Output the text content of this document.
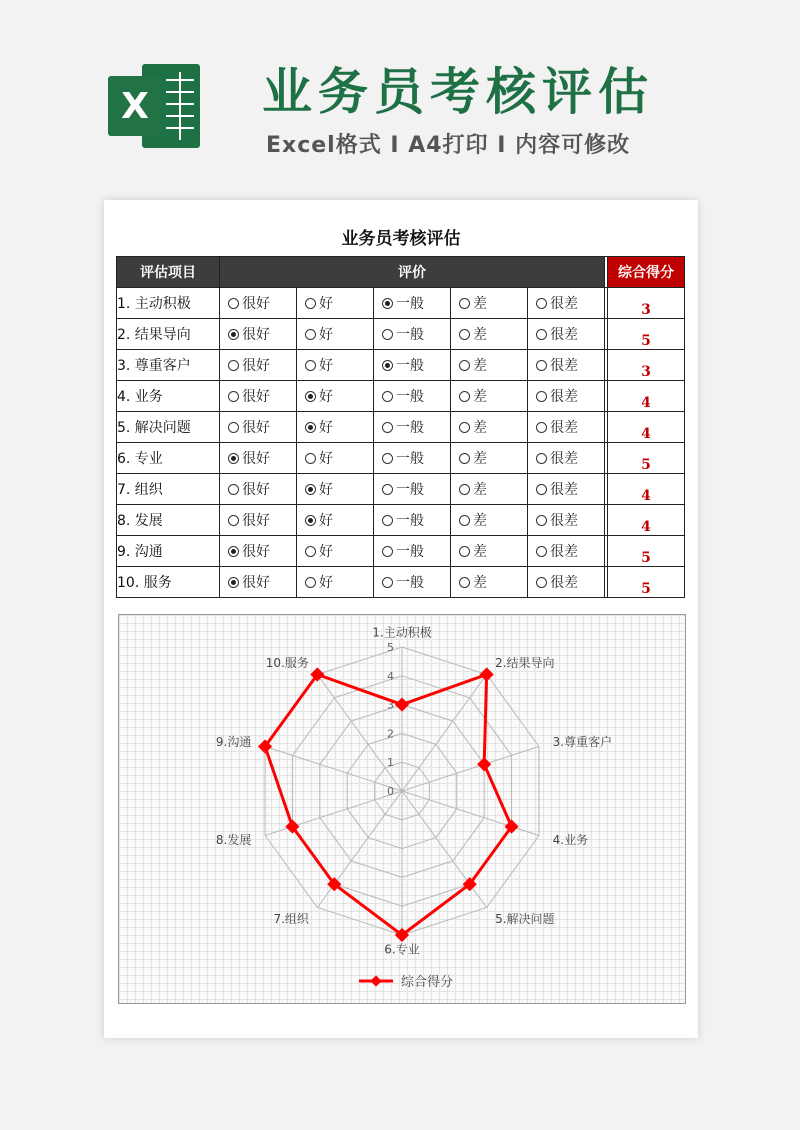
X 业务员考核评估
Excel格式 I A4打印 I 内容可修改
业务员考核评估
评估项目	评价						综合得分
1. 主动积极	很好	好	一般	差	很差		3
2. 结果导向	很好	好	一般	差	很差		5
3. 尊重客户	很好	好	一般	差	很差		3
4. 业务	很好	好	一般	差	很差		4
5. 解决问题	很好	好	一般	差	很差		4
6. 专业	很好	好	一般	差	很差		5
7. 组织	很好	好	一般	差	很差		4
8. 发展	很好	好	一般	差	很差		4
9. 沟通	很好	好	一般	差	很差		5
10. 服务	很好	好	一般	差	很差		5
0
1
2
3
4
5
1.主动积极
2.结果导向
3.尊重客户
4.业务
5.解决问题
6.专业
7.组织
8.发展
9.沟通
10.服务
综合得分
